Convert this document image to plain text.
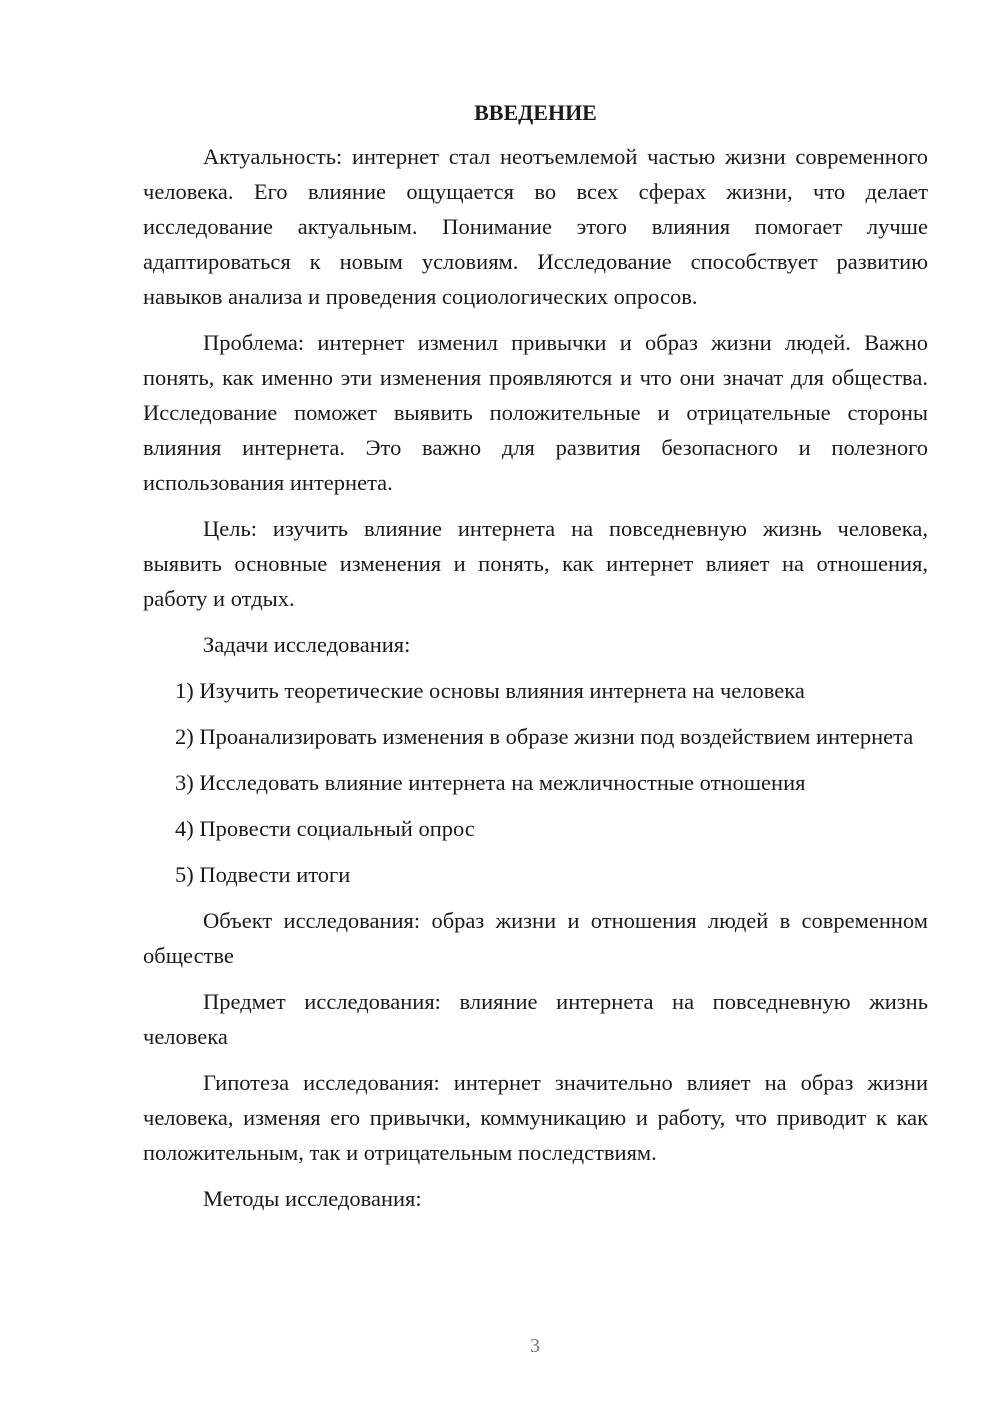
ВВЕДЕНИЕ

Актуальность: интернет стал неотъемлемой частью жизни современного человека. Его влияние ощущается во всех сферах жизни, что делает исследование актуальным. Понимание этого влияния помогает лучше адаптироваться к новым условиям. Исследование способствует развитию навыков анализа и проведения социологических опросов.

Проблема: интернет изменил привычки и образ жизни людей. Важно понять, как именно эти изменения проявляются и что они значат для общества. Исследование поможет выявить положительные и отрицательные стороны влияния интернета. Это важно для развития безопасного и полезного использования интернета.

Цель: изучить влияние интернета на повседневную жизнь человека, выявить основные изменения и понять, как интернет влияет на отношения, работу и отдых.

Задачи исследования:

1) Изучить теоретические основы влияния интернета на человека

2) Проанализировать изменения в образе жизни под воздействием интернета

3) Исследовать влияние интернета на межличностные отношения

4) Провести социальный опрос

5) Подвести итоги

Объект исследования: образ жизни и отношения людей в современном обществе

Предмет исследования: влияние интернета на повседневную жизнь человека

Гипотеза исследования: интернет значительно влияет на образ жизни человека, изменяя его привычки, коммуникацию и работу, что приводит к как положительным, так и отрицательным последствиям.

Методы исследования:

3
